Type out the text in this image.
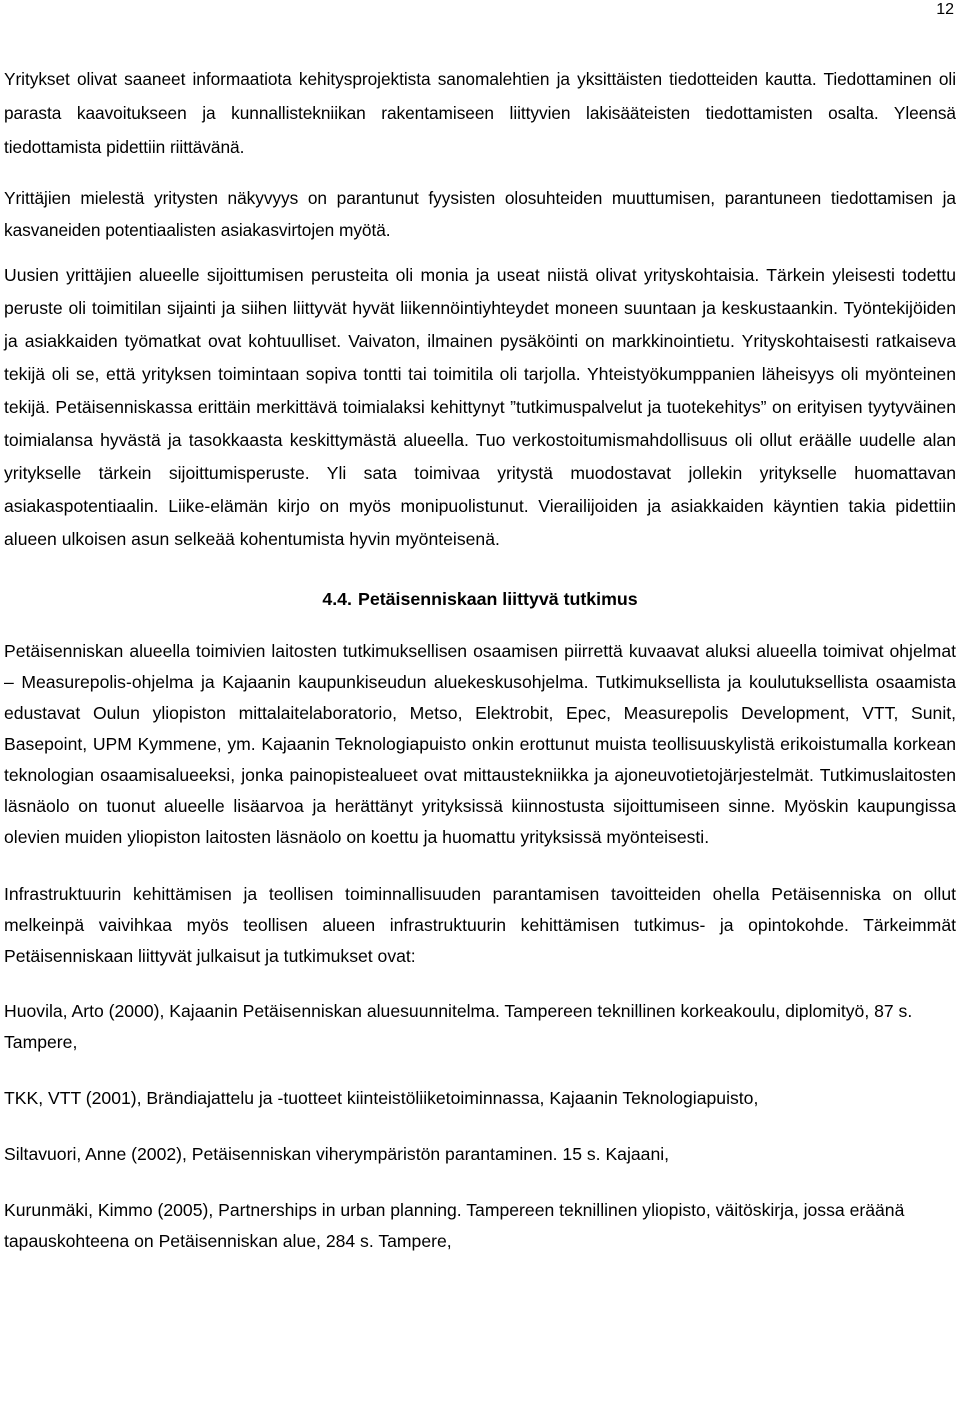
12

Yritykset olivat saaneet informaatiota kehitysprojektista sanomalehtien ja yksittäisten tiedotteiden kautta. Tiedottaminen oli parasta kaavoitukseen ja kunnallistekniikan rakentamiseen liittyvien lakisääteisten tiedottamisten osalta. Yleensä tiedottamista pidettiin riittävänä.

Yrittäjien mielestä yritysten näkyvyys on parantunut fyysisten olosuhteiden muuttumisen, parantuneen tiedottamisen ja kasvaneiden potentiaalisten asiakasvirtojen myötä.

Uusien yrittäjien alueelle sijoittumisen perusteita oli monia ja useat niistä olivat yrityskohtaisia. Tärkein yleisesti todettu peruste oli toimitilan sijainti ja siihen liittyvät hyvät liikennöintiyhteydet moneen suuntaan ja keskustaankin. Työntekijöiden ja asiakkaiden työmatkat ovat kohtuulliset. Vaivaton, ilmainen pysäköinti on markkinointietu. Yrityskohtaisesti ratkaiseva tekijä oli se, että yrityksen toimintaan sopiva tontti tai toimitila oli tarjolla. Yhteistyökumppanien läheisyys oli myönteinen tekijä. Petäisenniskassa erittäin merkittävä toimialaksi kehittynyt ”tutkimuspalvelut ja tuotekehitys” on erityisen tyytyväinen toimialansa hyvästä ja tasokkaasta keskittymästä alueella. Tuo verkostoitumismahdollisuus oli ollut eräälle uudelle alan yritykselle tärkein sijoittumisperuste. Yli sata toimivaa yritystä muodostavat jollekin yritykselle huomattavan asiakaspotentiaalin. Liike-elämän kirjo on myös monipuolistunut. Vierailijoiden ja asiakkaiden käyntien takia pidettiin alueen ulkoisen asun selkeää kohentumista hyvin myönteisenä.

4.4. Petäisenniskaan liittyvä tutkimus

Petäisenniskan alueella toimivien laitosten tutkimuksellisen osaamisen piirrettä kuvaavat aluksi alueella toimivat ohjelmat – Measurepolis-ohjelma ja Kajaanin kaupunkiseudun aluekeskusohjelma. Tutkimuksellista ja koulutuksellista osaamista edustavat Oulun yliopiston mittalaitelaboratorio, Metso, Elektrobit, Epec, Measurepolis Development, VTT, Sunit, Basepoint, UPM Kymmene, ym. Kajaanin Teknologiapuisto onkin erottunut muista teollisuuskylistä erikoistumalla korkean teknologian osaamisalueeksi, jonka painopistealueet ovat mittaustekniikka ja ajoneuvotietojärjestelmät. Tutkimuslaitosten läsnäolo on tuonut alueelle lisäarvoa ja herättänyt yrityksissä kiinnostusta sijoittumiseen sinne. Myöskin kaupungissa olevien muiden yliopiston laitosten läsnäolo on koettu ja huomattu yrityksissä myönteisesti.

Infrastruktuurin kehittämisen ja teollisen toiminnallisuuden parantamisen tavoitteiden ohella Petäisenniska on ollut melkeinpä vaivihkaa myös teollisen alueen infrastruktuurin kehittämisen tutkimus- ja opintokohde. Tärkeimmät Petäisenniskaan liittyvät julkaisut ja tutkimukset ovat:

Huovila, Arto (2000), Kajaanin Petäisenniskan aluesuunnitelma. Tampereen teknillinen korkeakoulu, diplomityö, 87 s. Tampere,

TKK, VTT (2001), Brändiajattelu ja -tuotteet kiinteistöliiketoiminnassa, Kajaanin Teknologiapuisto,

Siltavuori, Anne (2002), Petäisenniskan viherympäristön parantaminen. 15 s. Kajaani,

Kurunmäki, Kimmo (2005), Partnerships in urban planning. Tampereen teknillinen yliopisto, väitöskirja, jossa eräänä tapauskohteena on Petäisenniskan alue, 284 s. Tampere,
